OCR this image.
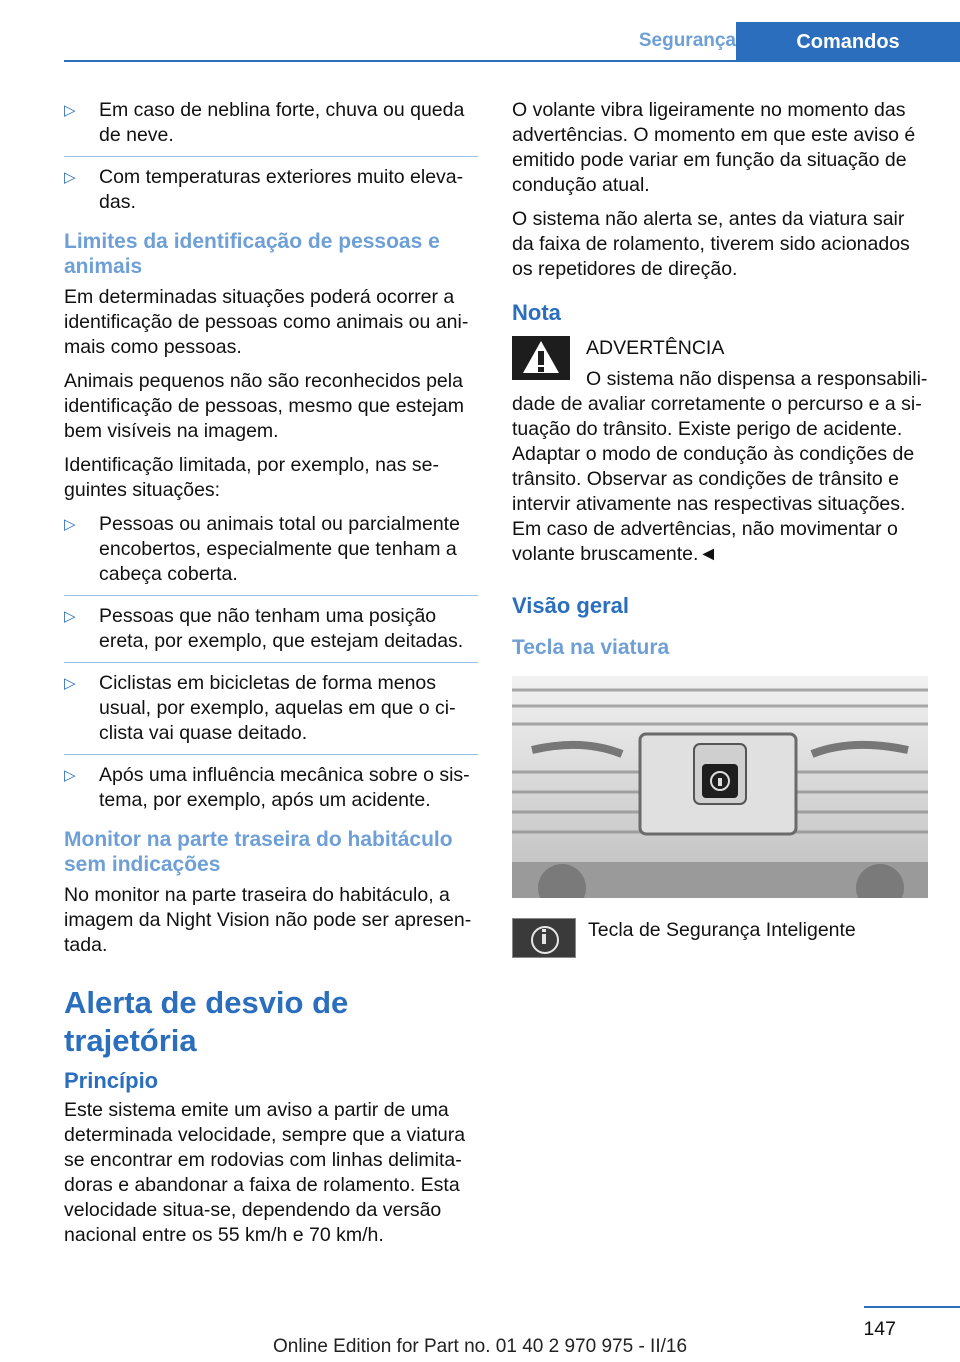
Segurança	Comandos
▷ Em caso de neblina forte, chuva ou queda de neve.
▷ Com temperaturas exteriores muito eleva-das.
Limites da identificação de pessoas e animais

Em determinadas situações poderá ocorrer a identificação de pessoas como animais ou ani-mais como pessoas.

Animais pequenos não são reconhecidos pela identificação de pessoas, mesmo que estejam bem visíveis na imagem.

Identificação limitada, por exemplo, nas se-guintes situações:

▷ Pessoas ou animais total ou parcialmente encobertos, especialmente que tenham a cabeça coberta.
▷ Pessoas que não tenham uma posição ereta, por exemplo, que estejam deitadas.
▷ Ciclistas em bicicletas de forma menos usual, por exemplo, aquelas em que o ci-clista vai quase deitado.
▷ Após uma influência mecânica sobre o sis-tema, por exemplo, após um acidente.
Monitor na parte traseira do habitáculo sem indicações

No monitor na parte traseira do habitáculo, a imagem da Night Vision não pode ser apresen-tada.

Alerta de desvio de trajetória
Princípio

Este sistema emite um aviso a partir de uma determinada velocidade, sempre que a viatura se encontrar em rodovias com linhas delimita-doras e abandonar a faixa de rolamento. Esta velocidade situa-se, dependendo da versão nacional entre os 55 km/h e 70 km/h.

O volante vibra ligeiramente no momento das advertências. O momento em que este aviso é emitido pode variar em função da situação de condução atual.

O sistema não alerta se, antes da viatura sair da faixa de rolamento, tiverem sido acionados os repetidores de direção.

Nota
ADVERTÊNCIA

O sistema não dispensa a responsabili-dade de avaliar corretamente o percurso e a si-tuação do trânsito. Existe perigo de acidente. Adaptar o modo de condução às condições de trânsito. Observar as condições de trânsito e intervir ativamente nas respectivas situações. Em caso de advertências, não movimentar o volante bruscamente.◄

Visão geral
Tecla na viatura
Tecla de Segurança Inteligente
147
Online Edition for Part no. 01 40 2 970 975 - II/16
